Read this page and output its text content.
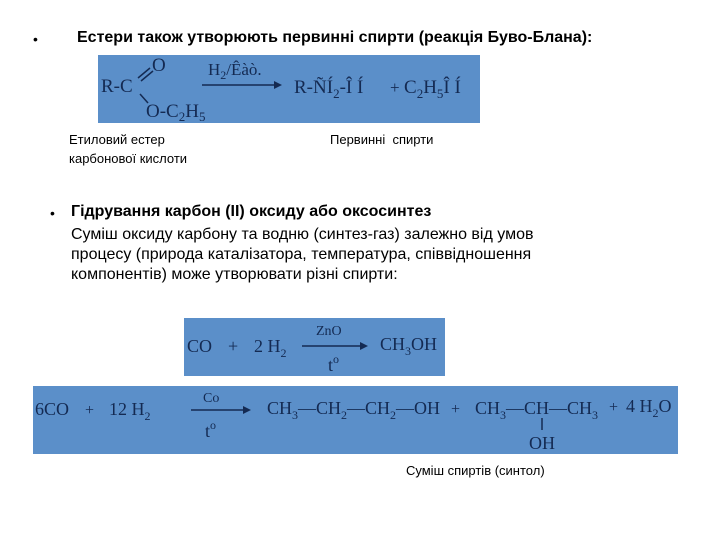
• Естери також утворюють первинні спирти (реакція Буво-Блана):
R-C
O
$O-C_2H_5$
$H_2$/Êàò.
$R-ÑÍ_2-Î$ Í + $C_2H_5Î$ Í
Етиловий естер
карбонової кислоти
Первинні  спирти
• Гідрування карбон (ІІ) оксиду або оксосинтез
Суміш оксиду карбону та водню (синтез-газ) залежно від умов
процесу (природа каталізатора, температура, співвідношення
компонентів) може утворювати різні спирти:
CO + 2 $H_2$
ZnO
$t^o$
$CH_3OH$
6CO + 12 $H_2$
Co
$t^o$
$CH_3—CH_2—CH_2—OH$ + $CH_3—CH—CH_3$
OH
+ 4 $H_2O$
Суміш спиртів (синтол)
